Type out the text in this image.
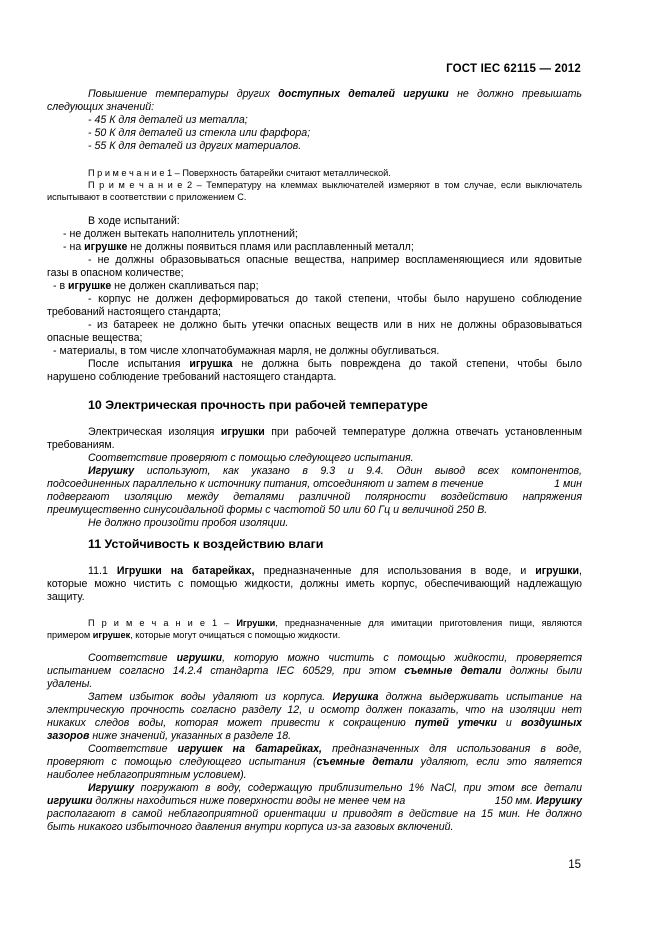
ГОСТ IEC 62115 — 2012
Повышение температуры других доступных деталей игрушки не должно превышать
следующих значений:
- 45 К для деталей из металла;
- 50 К для деталей из стекла или фарфора;
- 55 К для деталей из других материалов.
П р и м е ч а н и е 1 – Поверхность батарейки считают металлической.
П р и м е ч а н и е 2 – Температуру на клеммах выключателей измеряют в том случае, если выключатель
испытывают в соответствии с приложением С.
В ходе испытаний:
- не должен вытекать наполнитель уплотнений;
- на игрушке не должны появиться пламя или расплавленный металл;
- не должны образовываться опасные вещества, например воспламеняющиеся или ядовитые
газы в опасном количестве;
- в игрушке не должен скапливаться пар;
- корпус не должен деформироваться до такой степени, чтобы было нарушено соблюдение
требований настоящего стандарта;
- из батареек не должно быть утечки опасных веществ или в них не должны образовываться
опасные вещества;
- материалы, в том числе хлопчатобумажная марля, не должны обугливаться.
После испытания игрушка не должна быть повреждена до такой степени, чтобы было
нарушено соблюдение требований настоящего стандарта.
10 Электрическая прочность при рабочей температуре
Электрическая изоляция игрушки при рабочей температуре должна отвечать установленным
требованиям.
Соответствие проверяют с помощью следующего испытания.
Игрушку используют, как указано в 9.3 и 9.4. Один вывод всех компонентов,
подсоединенных параллельно к источнику питания, отсоединяют и затем в течение	1 мин
подвергают изоляцию между деталями различной полярности воздействию напряжения
преимущественно синусоидальной формы с частотой 50 или 60 Гц и величиной 250 В.
Не должно произойти пробоя изоляции.
11 Устойчивость к воздействию влаги
11.1 Игрушки на батарейках, предназначенные для использования в воде, и игрушки,
которые можно чистить с помощью жидкости, должны иметь корпус, обеспечивающий надлежащую
защиту.
П р и м е ч а н и е 1 – Игрушки, предназначенные для имитации приготовления пищи, являются
примером игрушек, которые могут очищаться с помощью жидкости.
Соответствие игрушки, которую можно чистить с помощью жидкости, проверяется
испытанием согласно 14.2.4 стандарта IEC 60529, при этом съемные детали должны были
удалены.
Затем избыток воды удаляют из корпуса. Игрушка должна выдерживать испытание на
электрическую прочность согласно разделу 12, и осмотр должен показать, что на изоляции нет
никаких следов воды, которая может привести к сокращению путей утечки и воздушных
зазоров ниже значений, указанных в разделе 18.
Соответствие игрушек на батарейках, предназначенных для использования в воде,
проверяют с помощью следующего испытания (съемные детали удаляют, если это является
наиболее неблагоприятным условием).
Игрушку погружают в воду, содержащую приблизительно 1% NaCl, при этом все детали
игрушки должны находиться ниже поверхности воды не менее чем на	150 мм. Игрушку
располагают в самой неблагоприятной ориентации и приводят в действие на 15 мин. Не должно
быть никакого избыточного давления внутри корпуса из-за газовых включений.
15
